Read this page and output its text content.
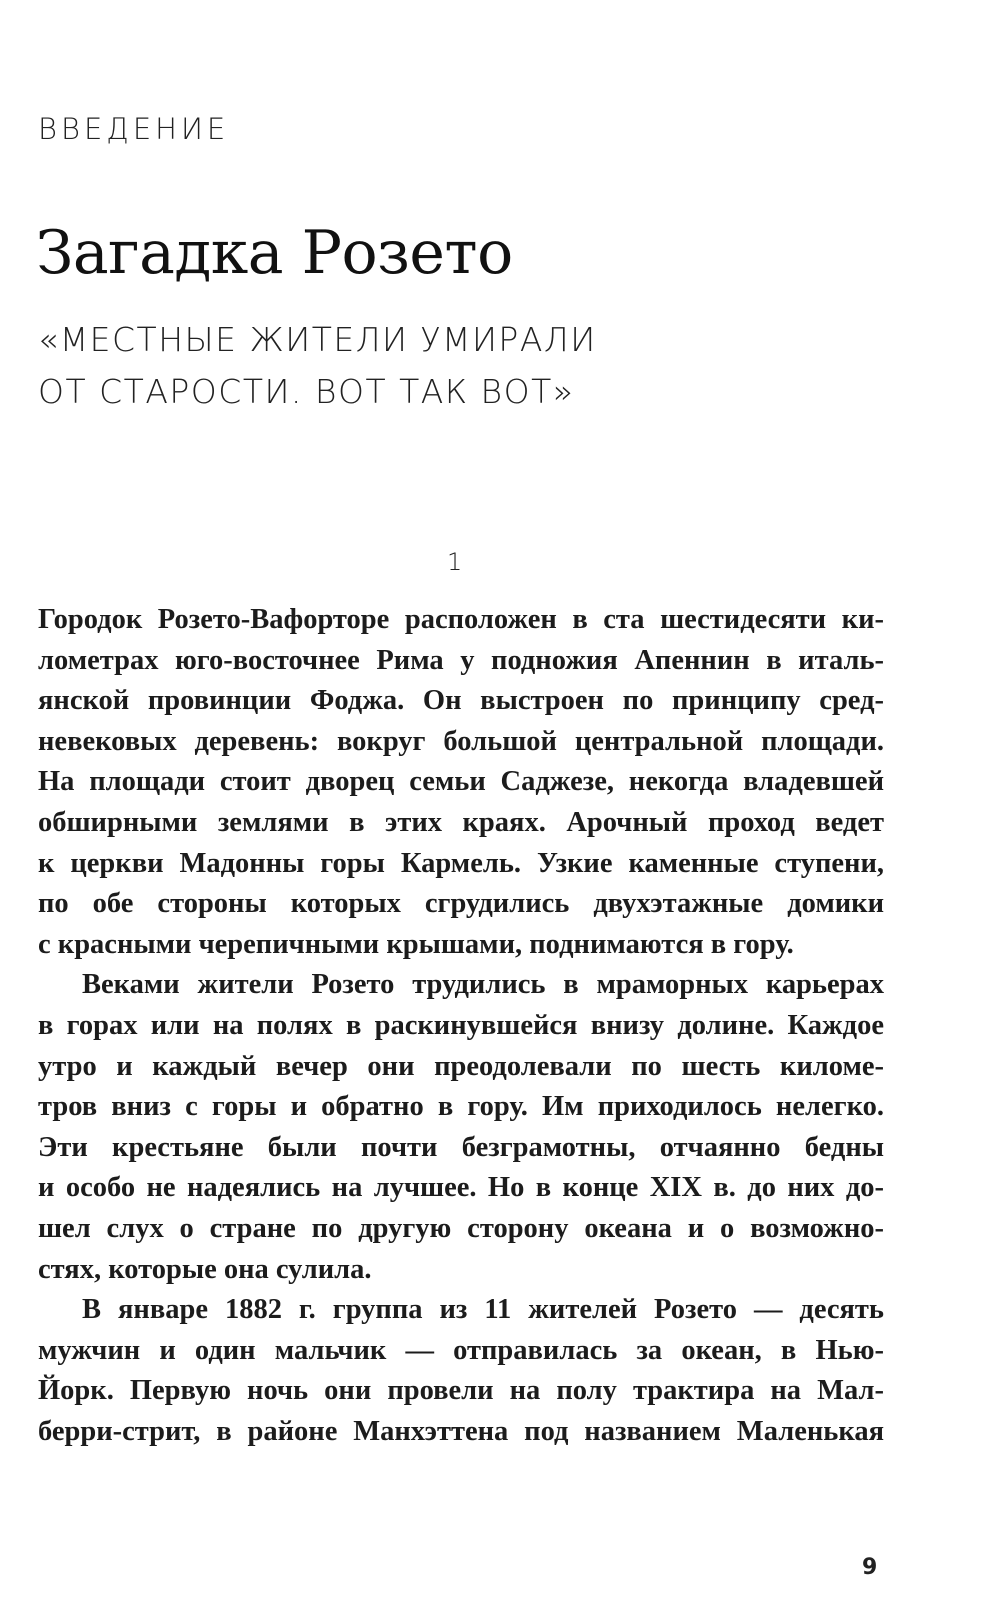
ВВЕДЕНИЕ
Загадка Розето
«МЕСТНЫЕ ЖИТЕЛИ УМИРАЛИ
ОТ СТАРОСТИ. ВОТ ТАК ВОТ»
1
Городок Розето-Вафорторе расположен в ста шестидесяти ки-
лометрах юго-восточнее Рима у подножия Апеннин в италь-
янской провинции Фоджа. Он выстроен по принципу сред-
невековых деревень: вокруг большой центральной площади.
На площади стоит дворец семьи Саджезе, некогда владевшей
обширными землями в этих краях. Арочный проход ведет
к церкви Мадонны горы Кармель. Узкие каменные ступени,
по обе стороны которых сгрудились двухэтажные домики
с красными черепичными крышами, поднимаются в гору.
Веками жители Розето трудились в мраморных карьерах
в горах или на полях в раскинувшейся внизу долине. Каждое
утро и каждый вечер они преодолевали по шесть киломе-
тров вниз с горы и обратно в гору. Им приходилось нелегко.
Эти крестьяне были почти безграмотны, отчаянно бедны
и особо не надеялись на лучшее. Но в конце XIX в. до них до-
шел слух о стране по другую сторону океана и о возможно-
стях, которые она сулила.
В январе 1882 г. группа из 11 жителей Розето — десять
мужчин и один мальчик — отправилась за океан, в Нью-
Йорк. Первую ночь они провели на полу трактира на Мал-
берри-стрит, в районе Манхэттена под названием Маленькая
9
